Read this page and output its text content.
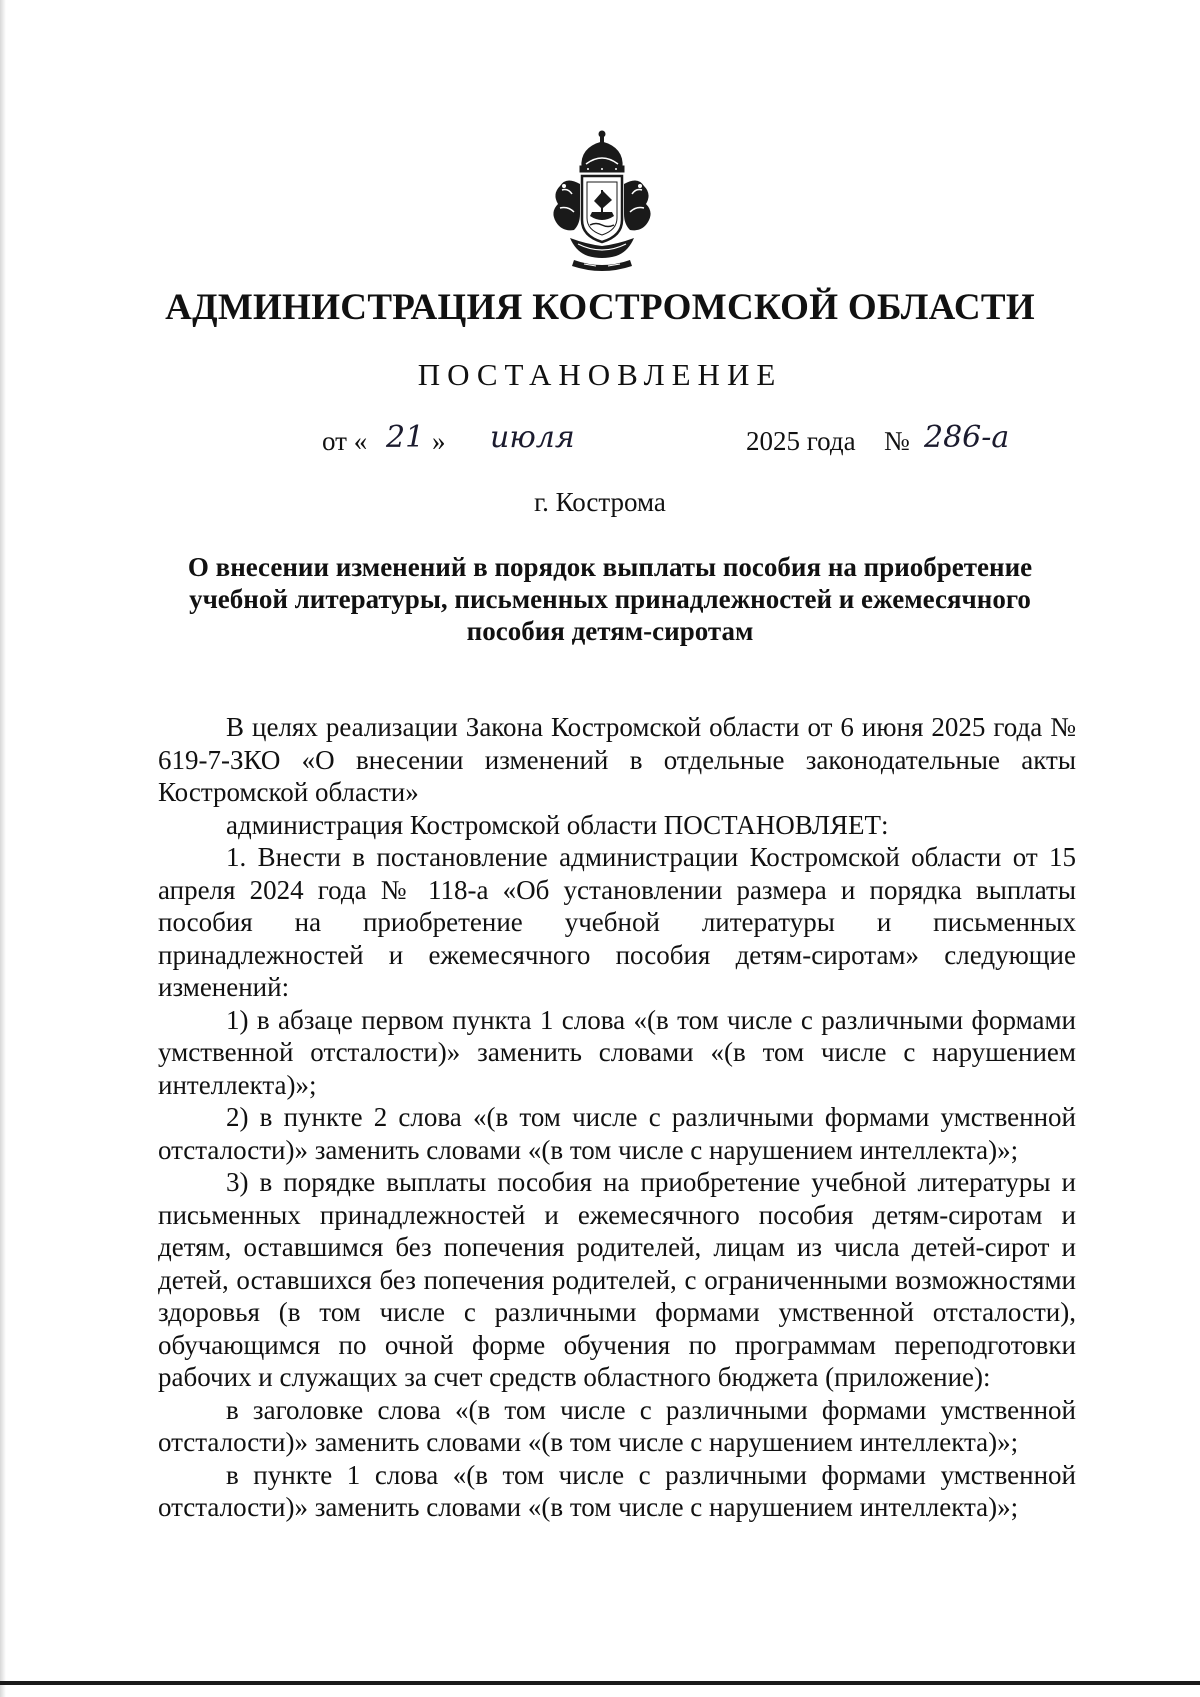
АДМИНИСТРАЦИЯ КОСТРОМСКОЙ ОБЛАСТИ
ПОСТАНОВЛЕНИЕ
от « 21 » июля	2025 года № 286-а
г. Кострома
О внесении изменений в порядок выплаты пособия на приобретение
учебной литературы, письменных принадлежностей и ежемесячного
пособия детям-сиротам

В целях реализации Закона Костромской области от 6 июня 2025 года № 619-7-ЗКО «О внесении изменений в отдельные законодательные акты Костромской области»

администрация Костромской области ПОСТАНОВЛЯЕТ:

1. Внести в постановление администрации Костромской области от 15 апреля 2024 года № 118-а «Об установлении размера и порядка выплаты пособия на приобретение учебной литературы и письменных принадлежностей и ежемесячного пособия детям-сиротам» следующие изменений:

1) в абзаце первом пункта 1 слова «(в том числе с различными формами умственной отсталости)» заменить словами «(в том числе с нарушением интеллекта)»;

2) в пункте 2 слова «(в том числе с различными формами умственной отсталости)» заменить словами «(в том числе с нарушением интеллекта)»;

3) в порядке выплаты пособия на приобретение учебной литературы и письменных принадлежностей и ежемесячного пособия детям-сиротам и детям, оставшимся без попечения родителей, лицам из числа детей-сирот и детей, оставшихся без попечения родителей, с ограниченными возможностями здоровья (в том числе с различными формами умственной отсталости), обучающимся по очной форме обучения по программам переподготовки рабочих и служащих за счет средств областного бюджета (приложение):

в заголовке слова «(в том числе с различными формами умственной отсталости)» заменить словами «(в том числе с нарушением интеллекта)»;

в пункте 1 слова «(в том числе с различными формами умственной отсталости)» заменить словами «(в том числе с нарушением интеллекта)»;
